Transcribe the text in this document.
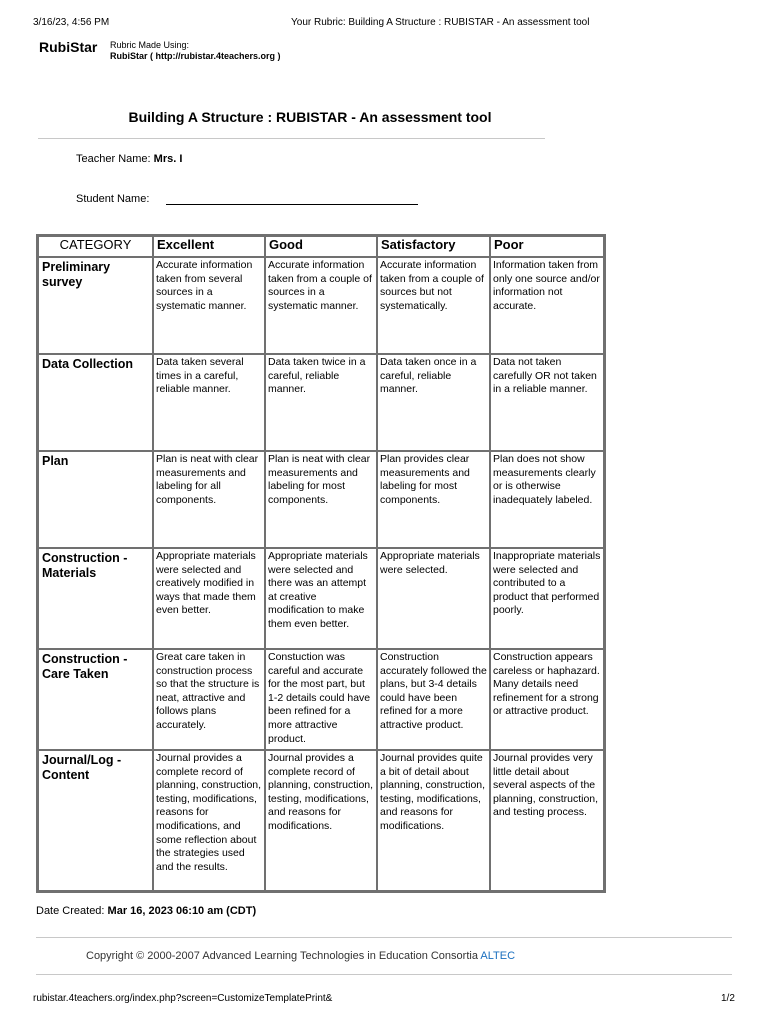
3/16/23, 4:56 PM	Your Rubric: Building A Structure : RUBISTAR - An assessment tool
RubiStar Rubric Made Using:
RubiStar ( http://rubistar.4teachers.org )
Building A Structure : RUBISTAR - An assessment tool
Teacher Name: Mrs. I
Student Name:
CATEGORY	Excellent	Good	Satisfactory	Poor
Preliminary survey	Accurate information taken from several sources in a systematic manner.	Accurate information taken from a couple of sources in a systematic manner.	Accurate information taken from a couple of sources but not systematically.	Information taken from only one source and/or information not accurate.
Data Collection	Data taken several times in a careful, reliable manner.	Data taken twice in a careful, reliable manner.	Data taken once in a careful, reliable manner.	Data not taken carefully OR not taken in a reliable manner.
Plan	Plan is neat with clear measurements and labeling for all components.	Plan is neat with clear measurements and labeling for most components.	Plan provides clear measurements and labeling for most components.	Plan does not show measurements clearly or is otherwise inadequately labeled.
Construction - Materials	Appropriate materials were selected and creatively modified in ways that made them even better.	Appropriate materials were selected and there was an attempt at creative modification to make them even better.	Appropriate materials were selected.	Inappropriate materials were selected and contributed to a product that performed poorly.
Construction - Care Taken	Great care taken in construction process so that the structure is neat, attractive and follows plans accurately.	Constuction was careful and accurate for the most part, but 1-2 details could have been refined for a more attractive product.	Construction accurately followed the plans, but 3-4 details could have been refined for a more attractive product.	Construction appears careless or haphazard. Many details need refinement for a strong or attractive product.
Journal/Log - Content	Journal provides a complete record of planning, construction, testing, modifications, reasons for modifications, and some reflection about the strategies used and the results.	Journal provides a complete record of planning, construction, testing, modifications, and reasons for modifications.	Journal provides quite a bit of detail about planning, construction, testing, modifications, and reasons for modifications.	Journal provides very little detail about several aspects of the planning, construction, and testing process.
Date Created: Mar 16, 2023 06:10 am (CDT)
Copyright © 2000-2007 Advanced Learning Technologies in Education Consortia ALTEC
rubistar.4teachers.org/index.php?screen=CustomizeTemplatePrint&	1/2
